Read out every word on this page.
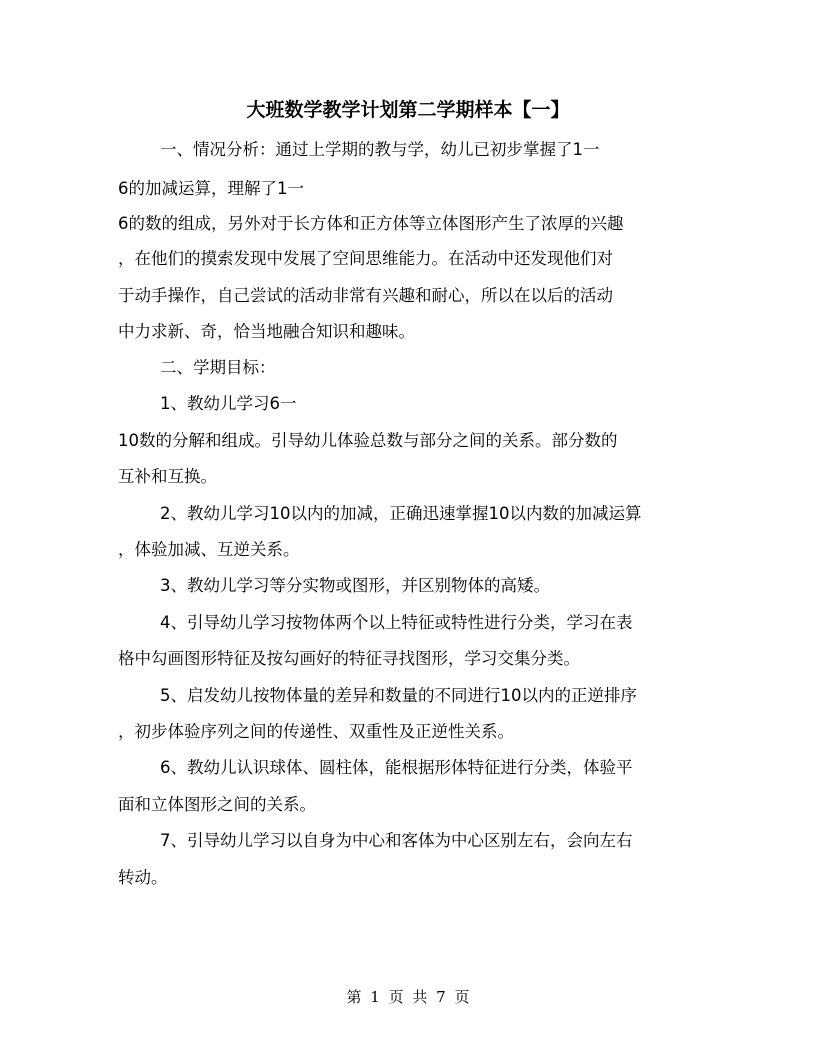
大班数学教学计划第二学期样本【一】

一、情况分析：通过上学期的教与学，幼儿已初步掌握了1一

6的加减运算，理解了1一

6的数的组成，另外对于长方体和正方体等立体图形产生了浓厚的兴趣

，在他们的摸索发现中发展了空间思维能力。在活动中还发现他们对

于动手操作，自己尝试的活动非常有兴趣和耐心，所以在以后的活动

中力求新、奇，恰当地融合知识和趣味。

二、学期目标：

1、教幼儿学习6一

10数的分解和组成。引导幼儿体验总数与部分之间的关系。部分数的

互补和互换。

2、教幼儿学习10以内的加减，正确迅速掌握10以内数的加减运算

，体验加减、互逆关系。

3、教幼儿学习等分实物或图形，并区别物体的高矮。

4、引导幼儿学习按物体两个以上特征或特性进行分类，学习在表

格中勾画图形特征及按勾画好的特征寻找图形，学习交集分类。

5、启发幼儿按物体量的差异和数量的不同进行10以内的正逆排序

，初步体验序列之间的传递性、双重性及正逆性关系。

6、教幼儿认识球体、圆柱体，能根据形体特征进行分类，体验平

面和立体图形之间的关系。

7、引导幼儿学习以自身为中心和客体为中心区别左右，会向左右

转动。

第 1 页 共 7 页
